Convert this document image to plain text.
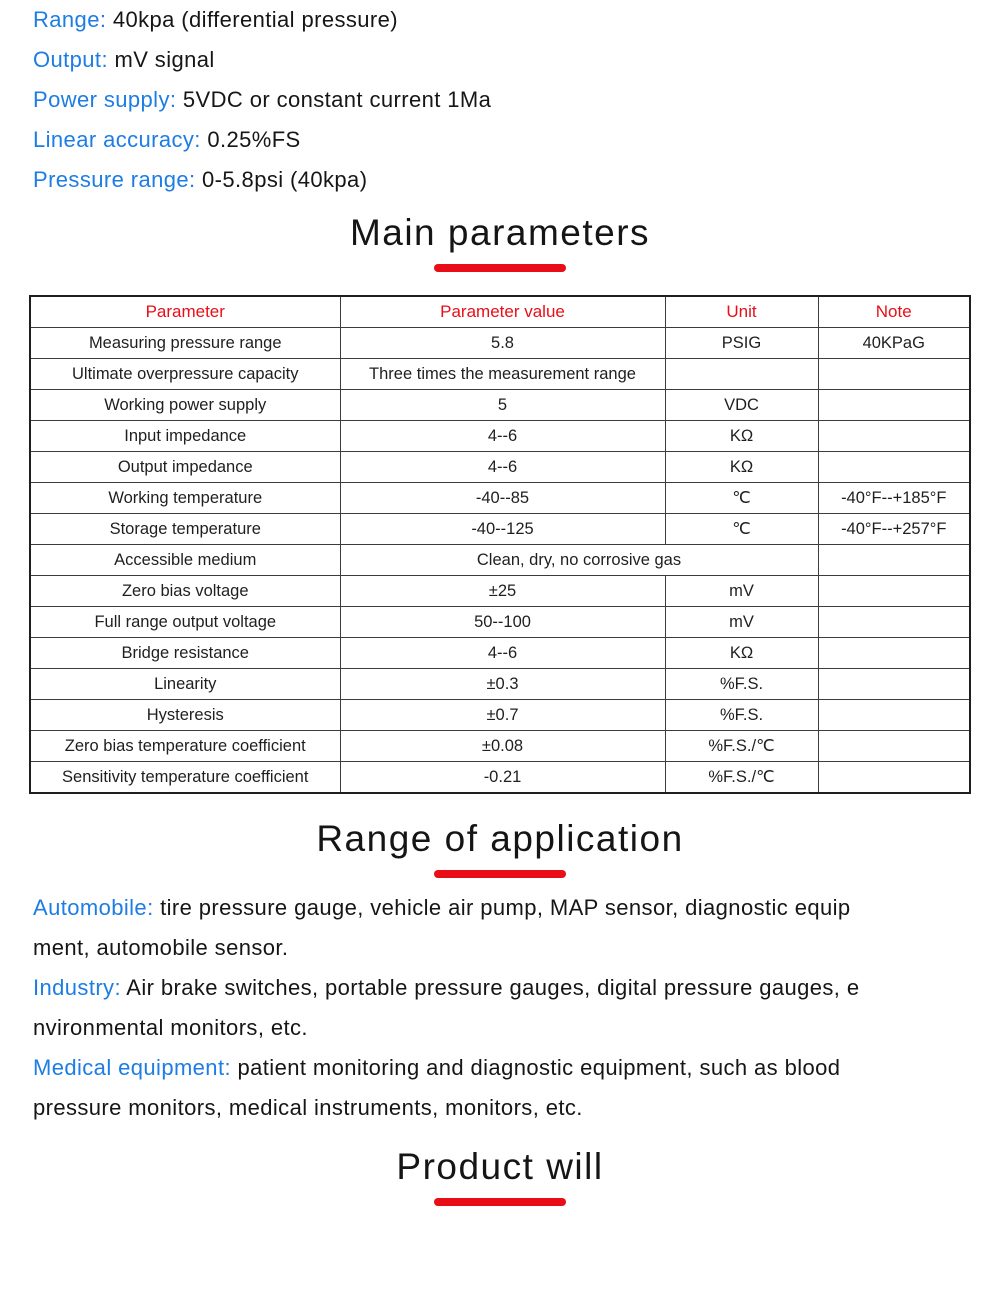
Range: 40kpa (differential pressure)
Output: mV signal
Power supply: 5VDC or constant current 1Ma
Linear accuracy: 0.25%FS
Pressure range: 0-5.8psi (40kpa)
Main parameters
Parameter	Parameter value	Unit	Note
Measuring pressure range	5.8	PSIG	40KPaG
Ultimate overpressure capacity	Three times the measurement range		
Working power supply	5	VDC	
Input impedance	4--6	KΩ	
Output impedance	4--6	KΩ	
Working temperature	-40--85	℃	-40°F--+185°F
Storage temperature	-40--125	℃	-40°F--+257°F
Accessible medium	Clean, dry, no corrosive gas		
Zero bias voltage	±25	mV	
Full range output voltage	50--100	mV	
Bridge resistance	4--6	KΩ	
Linearity	±0.3	%F.S.	
Hysteresis	±0.7	%F.S.	
Zero bias temperature coefficient	±0.08	%F.S./℃	
Sensitivity temperature coefficient	-0.21	%F.S./℃	
Range of application

Automobile: tire pressure gauge, vehicle air pump, MAP sensor, diagnostic equip
ment, automobile sensor.

Industry: Air brake switches, portable pressure gauges, digital pressure gauges, e
nvironmental monitors, etc.

Medical equipment: patient monitoring and diagnostic equipment, such as blood
pressure monitors, medical instruments, monitors, etc.

Product will
